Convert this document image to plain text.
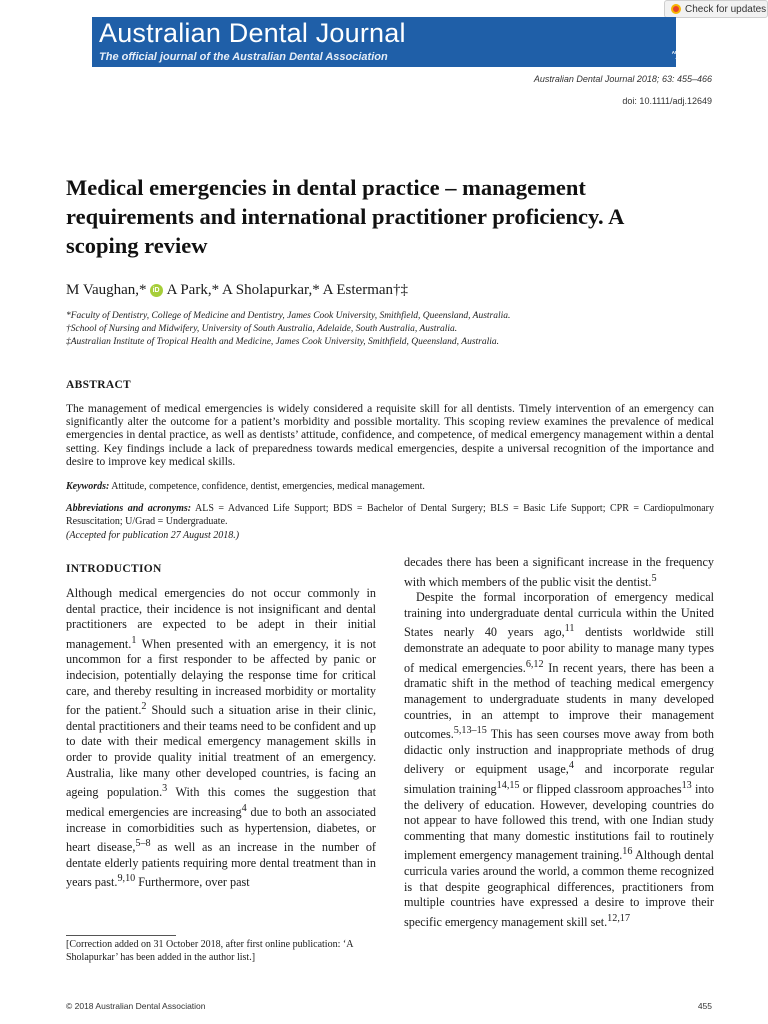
Check for updates
Australian Dental Journal
The official journal of the Australian Dental Association
ADA
AUSTRALIAN DENTAL ASSOCIATION INC.
Australian Dental Journal 2018; 63: 455–466
doi: 10.1111/adj.12649
Medical emergencies in dental practice – management requirements and international practitioner proficiency. A scoping review
M Vaughan,* iD A Park,* A Sholapurkar,* A Esterman†‡
*Faculty of Dentistry, College of Medicine and Dentistry, James Cook University, Smithfield, Queensland, Australia.
†School of Nursing and Midwifery, University of South Australia, Adelaide, South Australia, Australia.
‡Australian Institute of Tropical Health and Medicine, James Cook University, Smithfield, Queensland, Australia.
ABSTRACT
The management of medical emergencies is widely considered a requisite skill for all dentists. Timely intervention of an emergency can significantly alter the outcome for a patient’s morbidity and possible mortality. This scoping review examines the prevalence of medical emergencies in dental practice, as well as dentists’ attitude, confidence, and competence, of medical emergency management within a dental setting. Key findings include a lack of preparedness towards medical emergencies, despite a universal recognition of the importance and desire to improve key medical skills.
Keywords: Attitude, competence, confidence, dentist, emergencies, medical management.
Abbreviations and acronyms: ALS = Advanced Life Support; BDS = Bachelor of Dental Surgery; BLS = Basic Life Support; CPR = Cardiopulmonary Resuscitation; U/Grad = Undergraduate.
(Accepted for publication 27 August 2018.)
INTRODUCTION

Although medical emergencies do not occur commonly in dental practice, their incidence is not insignificant and dental practitioners are expected to be adept in their initial management.$^1$ When presented with an emergency, it is not uncommon for a first responder to be affected by panic or indecision, potentially delaying the response time for critical care, and thereby resulting in increased morbidity or mortality for the patient.$^2$ Should such a situation arise in their clinic, dental practitioners and their teams need to be confident and up to date with their medical emergency management skills in order to provide quality initial treatment of an emergency. Australia, like many other developed countries, is facing an ageing population.$^3$ With this comes the suggestion that medical emergencies are increasing$^4$ due to both an associated increase in comorbidities such as hypertension, diabetes, or heart disease,$^{5-8}$ as well as an increase in the number of dentate elderly patients requiring more dental treatment than in years past.$^{9,10}$ Furthermore, over past

[Correction added on 31 October 2018, after first online publication: ‘A Sholapurkar’ has been added in the author list.]

decades there has been a significant increase in the frequency with which members of the public visit the dentist.$^5$

Despite the formal incorporation of emergency medical training into undergraduate dental curricula within the United States nearly 40 years ago,$^{11}$ dentists worldwide still demonstrate an adequate to poor ability to manage many types of medical emergencies.$^{6,12}$ In recent years, there has been a dramatic shift in the method of teaching medical emergency management to undergraduate students in many developed countries, in an attempt to improve their management outcomes.$^{5,13-15}$ This has seen courses move away from both didactic only instruction and inappropriate methods of drug delivery or equipment usage,$^4$ and incorporate regular simulation training$^{14,15}$ or flipped classroom approaches$^{13}$ into the delivery of education. However, developing countries do not appear to have followed this trend, with one Indian study commenting that many domestic institutions fail to routinely implement emergency management training.$^{16}$ Although dental curricula varies around the world, a common theme recognized is that despite geographical differences, practitioners from multiple countries have expressed a desire to improve their specific emergency management skill set.$^{12,17}$

© 2018 Australian Dental Association	455
